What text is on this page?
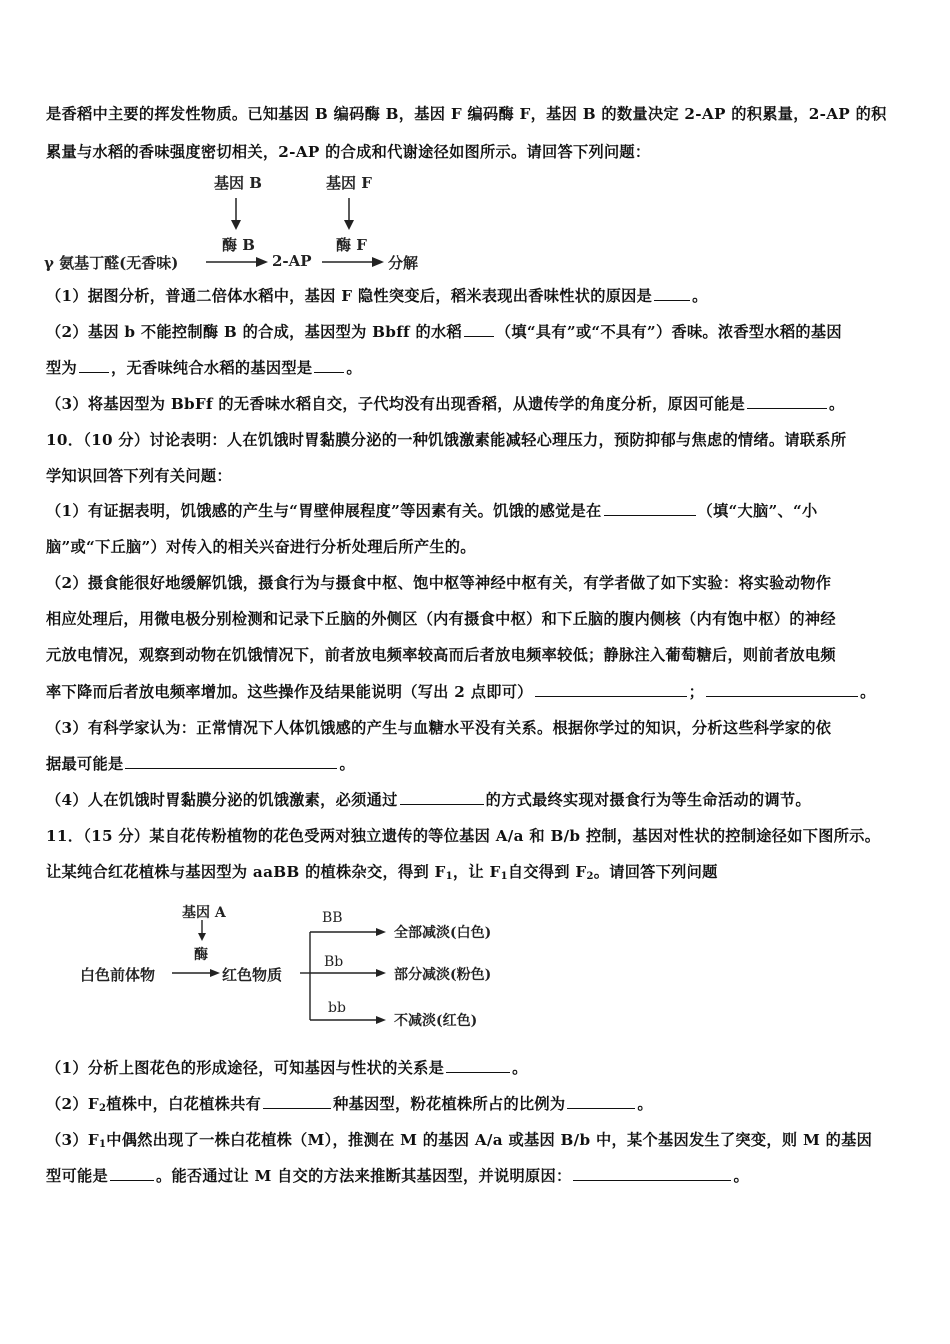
是香稻中主要的挥发性物质。已知基因 B 编码酶 B，基因 F 编码酶 F，基因 B 的数量决定 2-AP 的积累量，2-AP 的积
累量与水稻的香味强度密切相关，2-AP 的合成和代谢途径如图所示。请回答下列问题：
基因 B	基因 F
酶 B	酶 F
γ 氨基丁醛(无香味)	2-AP	分解
（1）据图分析，普通二倍体水稻中，基因 F 隐性突变后，稻米表现出香味性状的原因是	。
（2）基因 b 不能控制酶 B 的合成，基因型为 Bbff 的水稻 （填“具有”或“不具有”）香味。浓香型水稻的基因
型为 ，无香味纯合水稻的基因型是 。
（3）将基因型为 BbFf 的无香味水稻自交，子代均没有出现香稻，从遗传学的角度分析，原因可能是	。
10．（10 分）讨论表明：人在饥饿时胃黏膜分泌的一种饥饿激素能减轻心理压力，预防抑郁与焦虑的情绪。请联系所
学知识回答下列有关问题：
（1）有证据表明，饥饿感的产生与“胃壁伸展程度”等因素有关。饥饿的感觉是在	（填“大脑”、“小
脑”或“下丘脑”）对传入的相关兴奋进行分析处理后所产生的。
（2）摄食能很好地缓解饥饿，摄食行为与摄食中枢、饱中枢等神经中枢有关，有学者做了如下实验：将实验动物作
相应处理后，用微电极分别检测和记录下丘脑的外侧区（内有摄食中枢）和下丘脑的腹内侧核（内有饱中枢）的神经
元放电情况，观察到动物在饥饿情况下，前者放电频率较高而后者放电频率较低；静脉注入葡萄糖后，则前者放电频
率下降而后者放电频率增加。这些操作及结果能说明（写出 2 点即可）	；	。
（3）有科学家认为：正常情况下人体饥饿感的产生与血糖水平没有关系。根据你学过的知识，分析这些科学家的依
据最可能是	。
（4）人在饥饿时胃黏膜分泌的饥饿激素，必须通过	的方式最终实现对摄食行为等生命活动的调节。
11．（15 分）某自花传粉植物的花色受两对独立遗传的等位基因 A/a 和 B/b 控制，基因对性状的控制途径如下图所示。
让某纯合红花植株与基因型为 aaBB 的植株杂交，得到 $F_1$，让 $F_1$自交得到 $F_2$。请回答下列问题
基因 A
酶
白色前体物	红色物质
BB
Bb
bb
全部减淡(白色)
部分减淡(粉色)
不减淡(红色)
（1）分析上图花色的形成途径，可知基因与性状的关系是	。
$(2)F_2$植株中，白花植株共有	种基因型，粉花植株所占的比例为	。
$(3)F_1$中偶然出现了一株白花植株（M），推测在 M 的基因 A/a 或基因 B/b 中，某个基因发生了突变，则 M 的基因
型可能是	。能否通过让 M 自交的方法来推断其基因型，并说明原因：	。
